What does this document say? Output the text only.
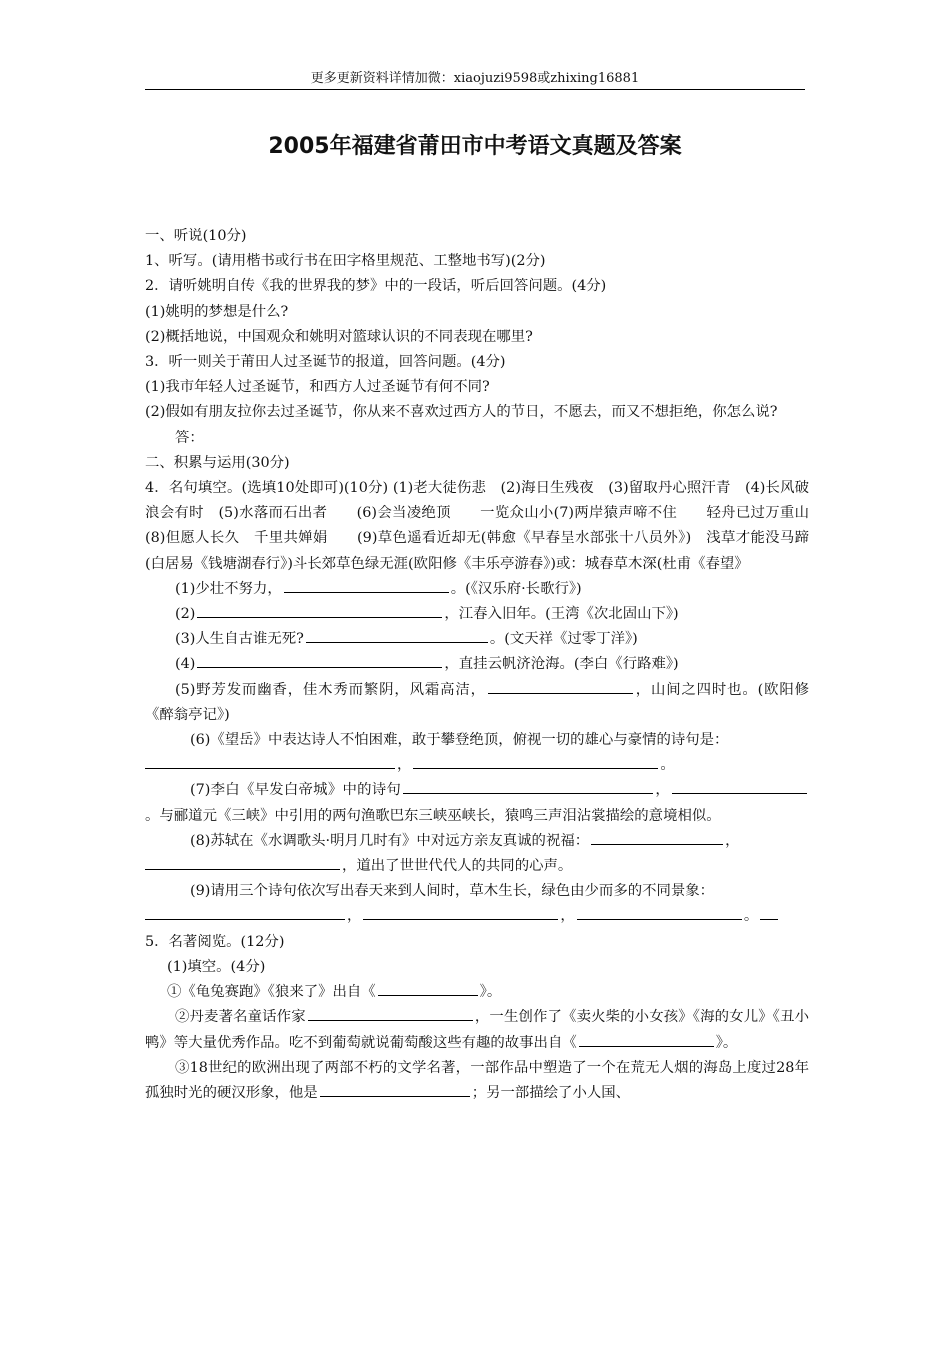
更多更新资料详情加微：xiaojuzi9598或zhixing16881
2005年福建省莆田市中考语文真题及答案

一、听说(10分)

1、听写。(请用楷书或行书在田字格里规范、工整地书写)(2分)

2．请听姚明自传《我的世界我的梦》中的一段话，听后回答问题。(4分)

(1)姚明的梦想是什么?

(2)概括地说，中国观众和姚明对篮球认识的不同表现在哪里?

3．听一则关于莆田人过圣诞节的报道，回答问题。(4分)

(1)我市年轻人过圣诞节，和西方人过圣诞节有何不同?

(2)假如有朋友拉你去过圣诞节，你从来不喜欢过西方人的节日，不愿去，而又不想拒绝，你怎么说?

答：

二、积累与运用(30分)

4．名句填空。(选填10处即可)(10分) (1)老大徒伤悲　(2)海日生残夜　(3)留取丹心照汗青　(4)长风破浪会有时　(5)水落而石出者　　(6)会当凌绝顶　　一览众山小(7)两岸猿声啼不住　　轻舟已过万重山(8)但愿人长久　千里共婵娟　　(9)草色遥看近却无(韩愈《早春呈水部张十八员外》)　浅草才能没马蹄(白居易《钱塘湖春行》)斗长郊草色绿无涯(欧阳修《丰乐亭游春》)或：城春草木深(杜甫《春望》

(1)少壮不努力，	。(《汉乐府·长歌行》)

(2)	，江春入旧年。(王湾《次北固山下》)

(3)人生自古谁无死?	。(文天祥《过零丁洋》)

(4)	，直挂云帆济沧海。(李白《行路难》)

(5)野芳发而幽香，佳木秀而繁阴，风霜高洁，	，山间之四时也。(欧阳修《醉翁亭记》)

(6)《望岳》中表达诗人不怕困难，敢于攀登绝顶，俯视一切的雄心与豪情的诗句是：

，	。

(7)李白《早发白帝城》中的诗句	，。与郦道元《三峡》中引用的两句渔歌巴东三峡巫峡长，猿鸣三声泪沾裳描绘的意境相似。

(8)苏轼在《水调歌头·明月几时有》中对远方亲友真诚的祝福：	，

，道出了世世代代人的共同的心声。

(9)请用三个诗句依次写出春天来到人间时，草木生长，绿色由少而多的不同景象：

，	，	。

5．名著阅览。(12分)

(1)填空。(4分)

①《龟兔赛跑》《狼来了》出自《	》。

②丹麦著名童话作家	，一生创作了《卖火柴的小女孩》《海的女儿》《丑小鸭》等大量优秀作品。吃不到葡萄就说葡萄酸这些有趣的故事出自《	》。

③18世纪的欧洲出现了两部不朽的文学名著，一部作品中塑造了一个在荒无人烟的海岛上度过28年孤独时光的硬汉形象，他是	；另一部描绘了小人国、
